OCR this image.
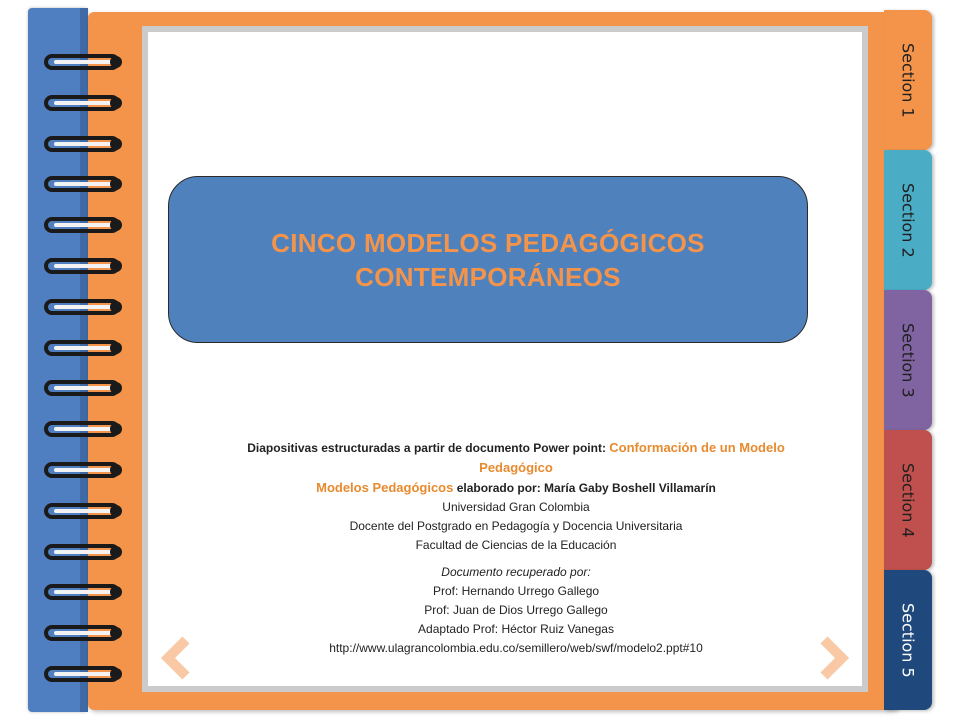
Section 1
Section 2
Section 3
Section 4
Section 5
CINCO MODELOS PEDAGÓGICOS
CONTEMPORÁNEOS
Diapositivas estructuradas a partir de documento Power point: Conformación de un Modelo
Pedagógico
Modelos Pedagógicos elaborado por: María Gaby Boshell Villamarín
Universidad Gran Colombia
Docente del Postgrado en Pedagogía y Docencia Universitaria
Facultad de Ciencias de la Educación
Documento recuperado por:
Prof: Hernando Urrego Gallego
Prof: Juan de Dios Urrego Gallego
Adaptado Prof: Héctor Ruiz Vanegas
http://www.ulagrancolombia.edu.co/semillero/web/swf/modelo2.ppt#10
